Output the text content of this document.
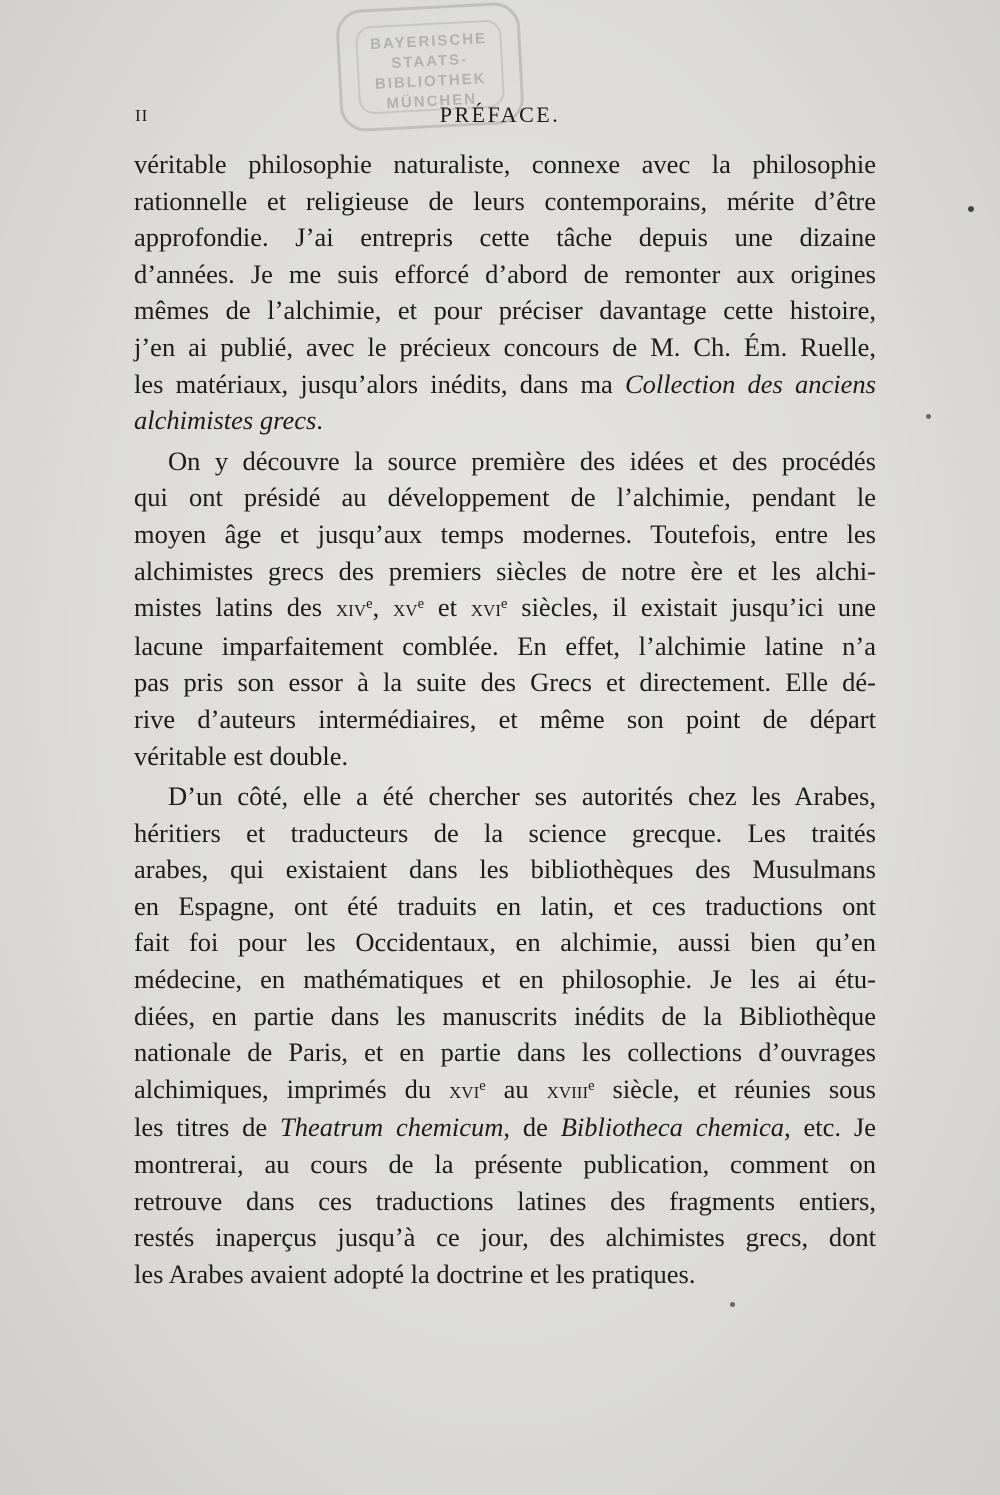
BAYERISCHE
STAATS-
BIBLIOTHEK
MÜNCHEN
II	PRÉFACE.
véritable philosophie naturaliste, connexe avec la philosophie
rationnelle et religieuse de leurs contemporains, mérite d’être
approfondie. J’ai entrepris cette tâche depuis une dizaine
d’années. Je me suis efforcé d’abord de remonter aux origines
mêmes de l’alchimie, et pour préciser davantage cette histoire,
j’en ai publié, avec le précieux concours de M. Ch. Ém. Ruelle,
les matériaux, jusqu’alors inédits, dans ma Collection des anciens
alchimistes grecs.
On y découvre la source première des idées et des procédés
qui ont présidé au développement de l’alchimie, pendant le
moyen âge et jusqu’aux temps modernes. Toutefois, entre les
alchimistes grecs des premiers siècles de notre ère et les alchi-
mistes latins des xiv$^e$, $xv^e$ et xvi$^e$ siècles, il existait jusqu’ici une
lacune imparfaitement comblée. En effet, l’alchimie latine n’a
pas pris son essor à la suite des Grecs et directement. Elle dé-
rive d’auteurs intermédiaires, et même son point de départ
véritable est double.
D’un côté, elle a été chercher ses autorités chez les Arabes,
héritiers et traducteurs de la science grecque. Les traités
arabes, qui existaient dans les bibliothèques des Musulmans
en Espagne, ont été traduits en latin, et ces traductions ont
fait foi pour les Occidentaux, en alchimie, aussi bien qu’en
médecine, en mathématiques et en philosophie. Je les ai étu-
diées, en partie dans les manuscrits inédits de la Bibliothèque
nationale de Paris, et en partie dans les collections d’ouvrages
alchimiques, imprimés du xvi$^e$ au xviii$^e$ siècle, et réunies sous
les titres de Theatrum chemicum, de Bibliotheca chemica, etc. Je
montrerai, au cours de la présente publication, comment on
retrouve dans ces traductions latines des fragments entiers,
restés inaperçus jusqu’à ce jour, des alchimistes grecs, dont
les Arabes avaient adopté la doctrine et les pratiques.
